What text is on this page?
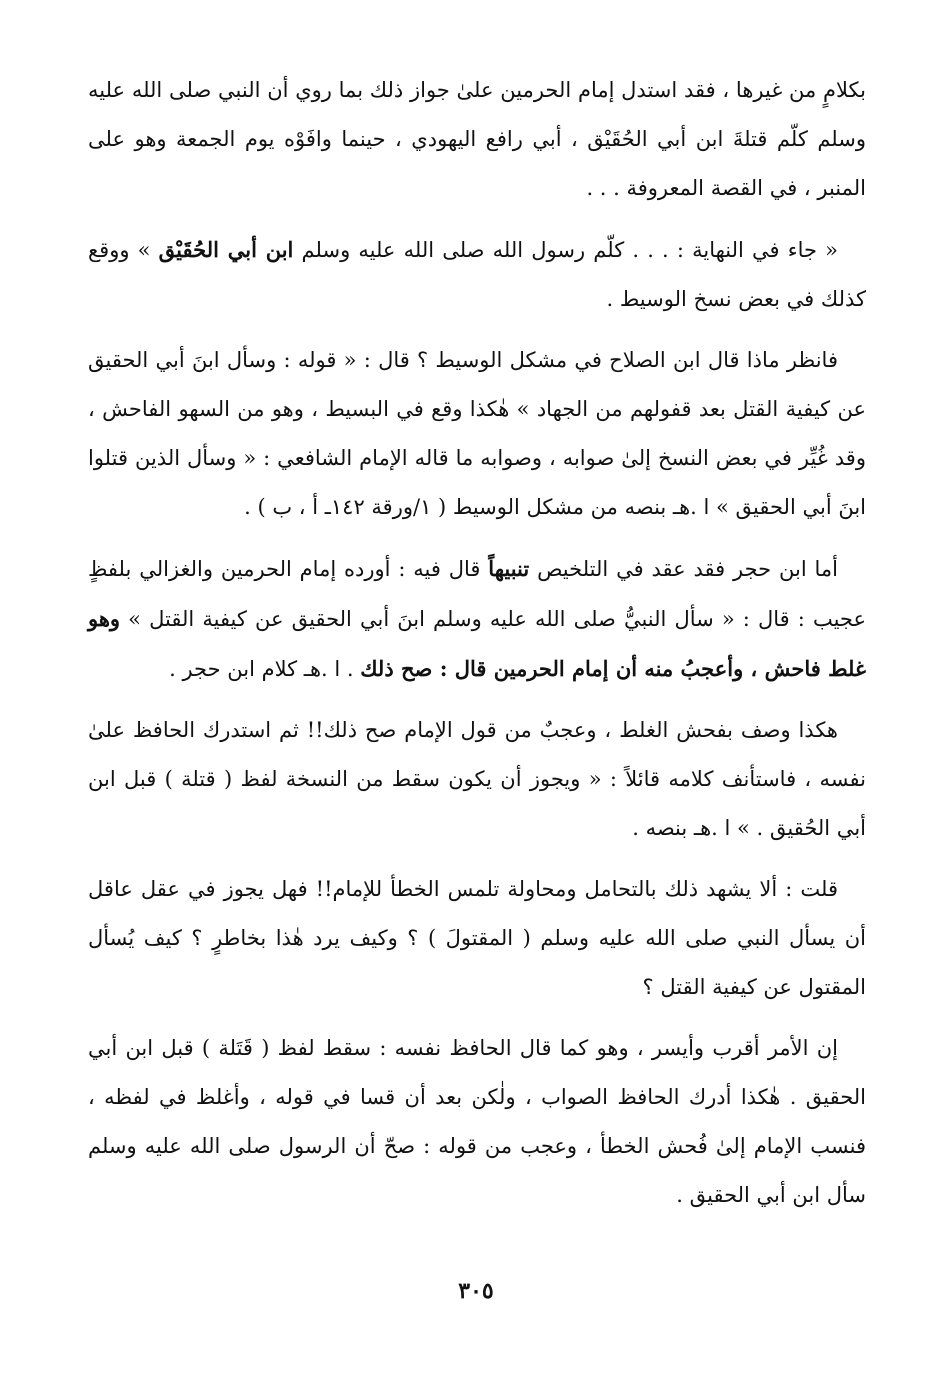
بكلامٍ من غيرها ، فقد استدل إمام الحرمين علىٰ جواز ذلك بما روي أن النبي صلى الله عليه وسلم كلّم قتلةَ ابن أبي الحُقَيْق ، أبي رافع اليهودي ، حينما وافَوْه يوم الجمعة وهو على المنبر ، في القصة المعروفة . . .

« جاء في النهاية : . . . كلّم رسول الله صلى الله عليه وسلم ابن أبي الحُقَيْق » ووقع كذلك في بعض نسخ الوسيط .

فانظر ماذا قال ابن الصلاح في مشكل الوسيط ؟ قال : « قوله : وسأل ابنَ أبي الحقيق عن كيفية القتل بعد قفولهم من الجهاد » هٰكذا وقع في البسيط ، وهو من السهو الفاحش ، وقد غُيِّر في بعض النسخ إلىٰ صوابه ، وصوابه ما قاله الإمام الشافعي : « وسأل الذين قتلوا ابنَ أبي الحقيق » ا .هـ بنصه من مشكل الوسيط ( ١/ورقة ١٤٢ـ أ ، ب ) .

أما ابن حجر فقد عقد في التلخيص تنبيهاً قال فيه : أورده إمام الحرمين والغزالي بلفظٍ عجيب : قال : « سأل النبيُّ صلى الله عليه وسلم ابنَ أبي الحقيق عن كيفية القتل » وهو غلط فاحش ، وأعجبُ منه أن إمام الحرمين قال : صح ذلك . ا .هـ كلام ابن حجر .

هكذا وصف بفحش الغلط ، وعجبٌ من قول الإمام صح ذلك!! ثم استدرك الحافظ علىٰ نفسه ، فاستأنف كلامه قائلاً : « ويجوز أن يكون سقط من النسخة لفظ ( قتلة ) قبل ابن أبي الحُقيق . » ا .هـ بنصه .

قلت : ألا يشهد ذلك بالتحامل ومحاولة تلمس الخطأ للإمام!! فهل يجوز في عقل عاقل أن يسأل النبي صلى الله عليه وسلم ( المقتولَ ) ؟ وكيف يرد هٰذا بخاطرٍ ؟ كيف يُسأل المقتول عن كيفية القتل ؟

إن الأمر أقرب وأيسر ، وهو كما قال الحافظ نفسه : سقط لفظ ( قَتَلة ) قبل ابن أبي الحقيق . هٰكذا أدرك الحافظ الصواب ، ولٰكن بعد أن قسا في قوله ، وأغلظ في لفظه ، فنسب الإمام إلىٰ فُحش الخطأ ، وعجب من قوله : صحّ أن الرسول صلى الله عليه وسلم سأل ابن أبي الحقيق .

٣٠٥
